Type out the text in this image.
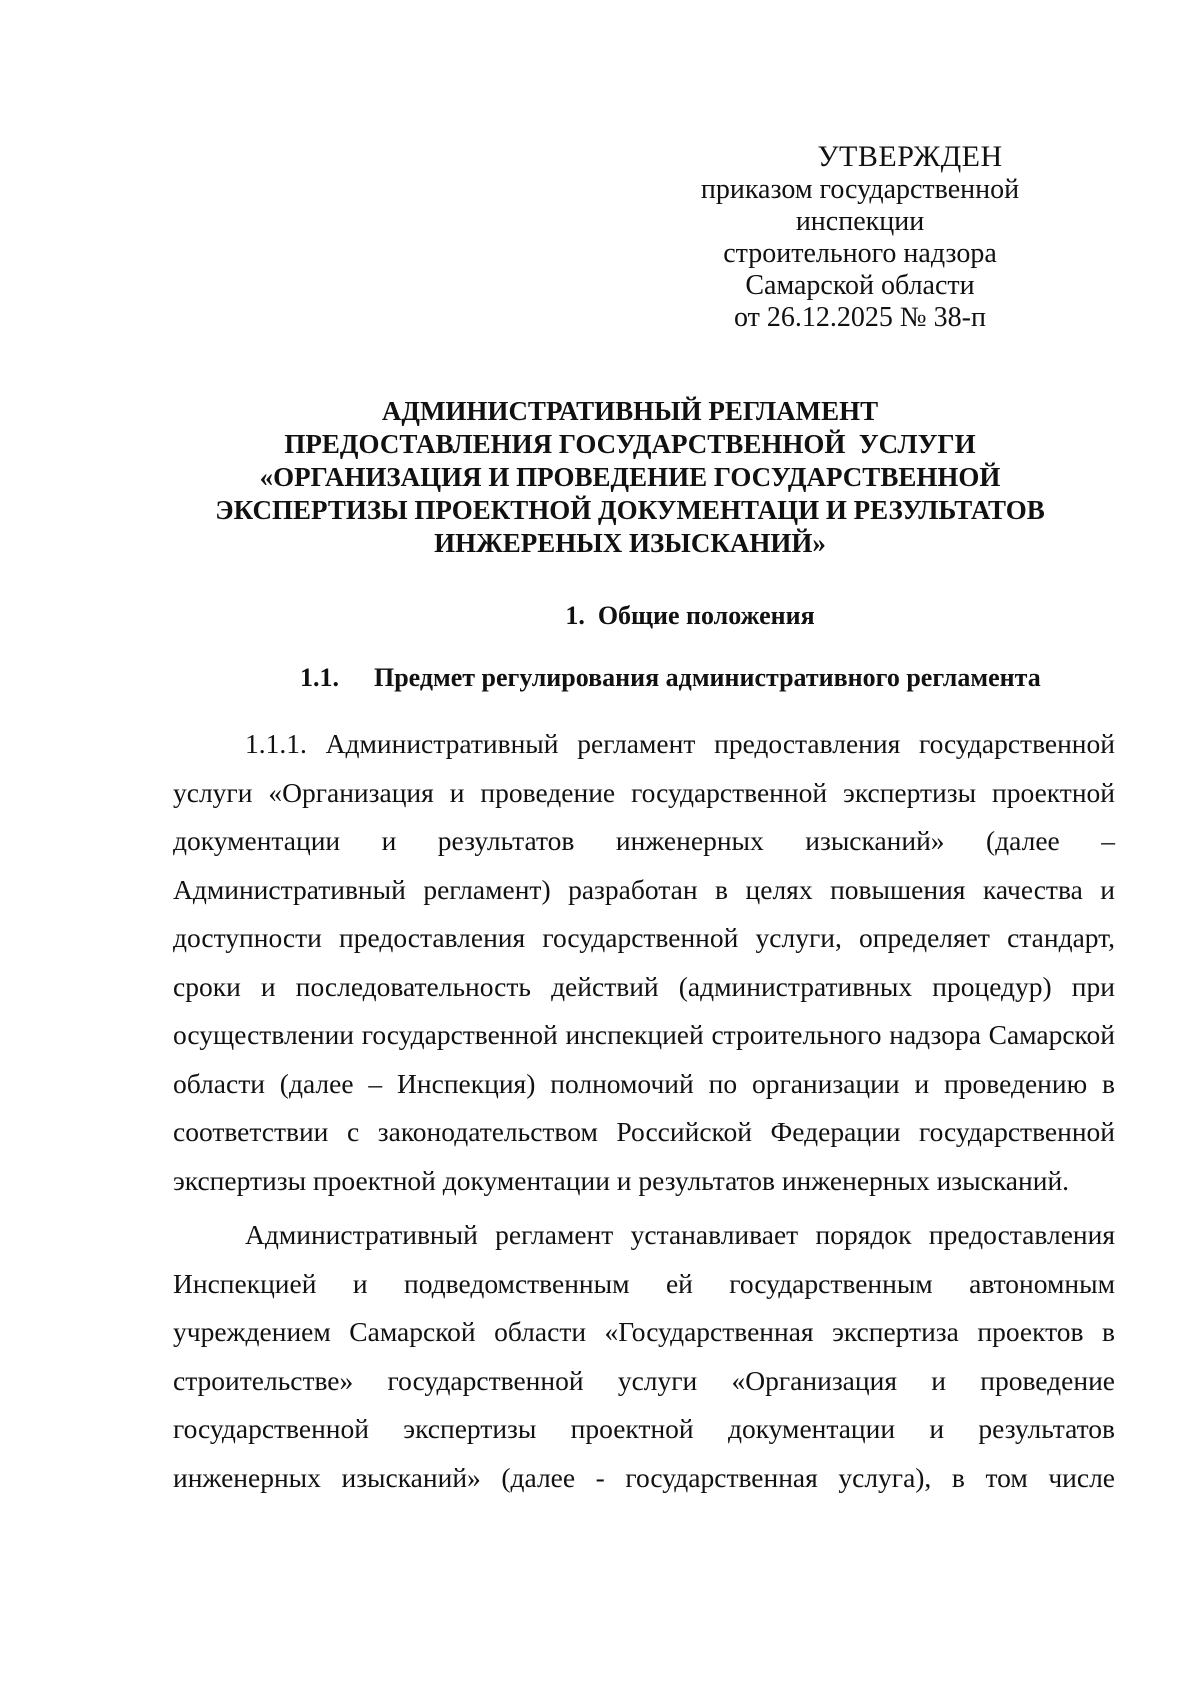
УТВЕРЖДЕН
приказом государственной инспекции
строительного надзора
Самарской области
от 26.12.2025 № 38-п
АДМИНИСТРАТИВНЫЙ РЕГЛАМЕНТ
ПРЕДОСТАВЛЕНИЯ ГОСУДАРСТВЕННОЙ  УСЛУГИ
«ОРГАНИЗАЦИЯ И ПРОВЕДЕНИЕ ГОСУДАРСТВЕННОЙ
ЭКСПЕРТИЗЫ ПРОЕКТНОЙ ДОКУМЕНТАЦИ И РЕЗУЛЬТАТОВ
ИНЖЕРЕНЫХ ИЗЫСКАНИЙ»
1.  Общие положения
1.1. Предмет регулирования административного регламента

1.1.1. Административный регламент предоставления государственной услуги «Организация и проведение государственной экспертизы проектной документации и результатов инженерных изысканий» (далее – Административный регламент) разработан в целях повышения качества и доступности предоставления государственной услуги, определяет стандарт, сроки и последовательность действий (административных процедур) при осуществлении государственной инспекцией строительного надзора Самарской области (далее – Инспекция) полномочий по организации и проведению в соответствии с законодательством Российской Федерации государственной экспертизы проектной документации и результатов инженерных изысканий.

Административный регламент устанавливает порядок предоставления Инспекцией и подведомственным ей государственным автономным учреждением Самарской области «Государственная экспертиза проектов в строительстве» государственной услуги «Организация и проведение государственной экспертизы проектной документации и результатов инженерных изысканий» (далее - государственная услуга), в том числе
